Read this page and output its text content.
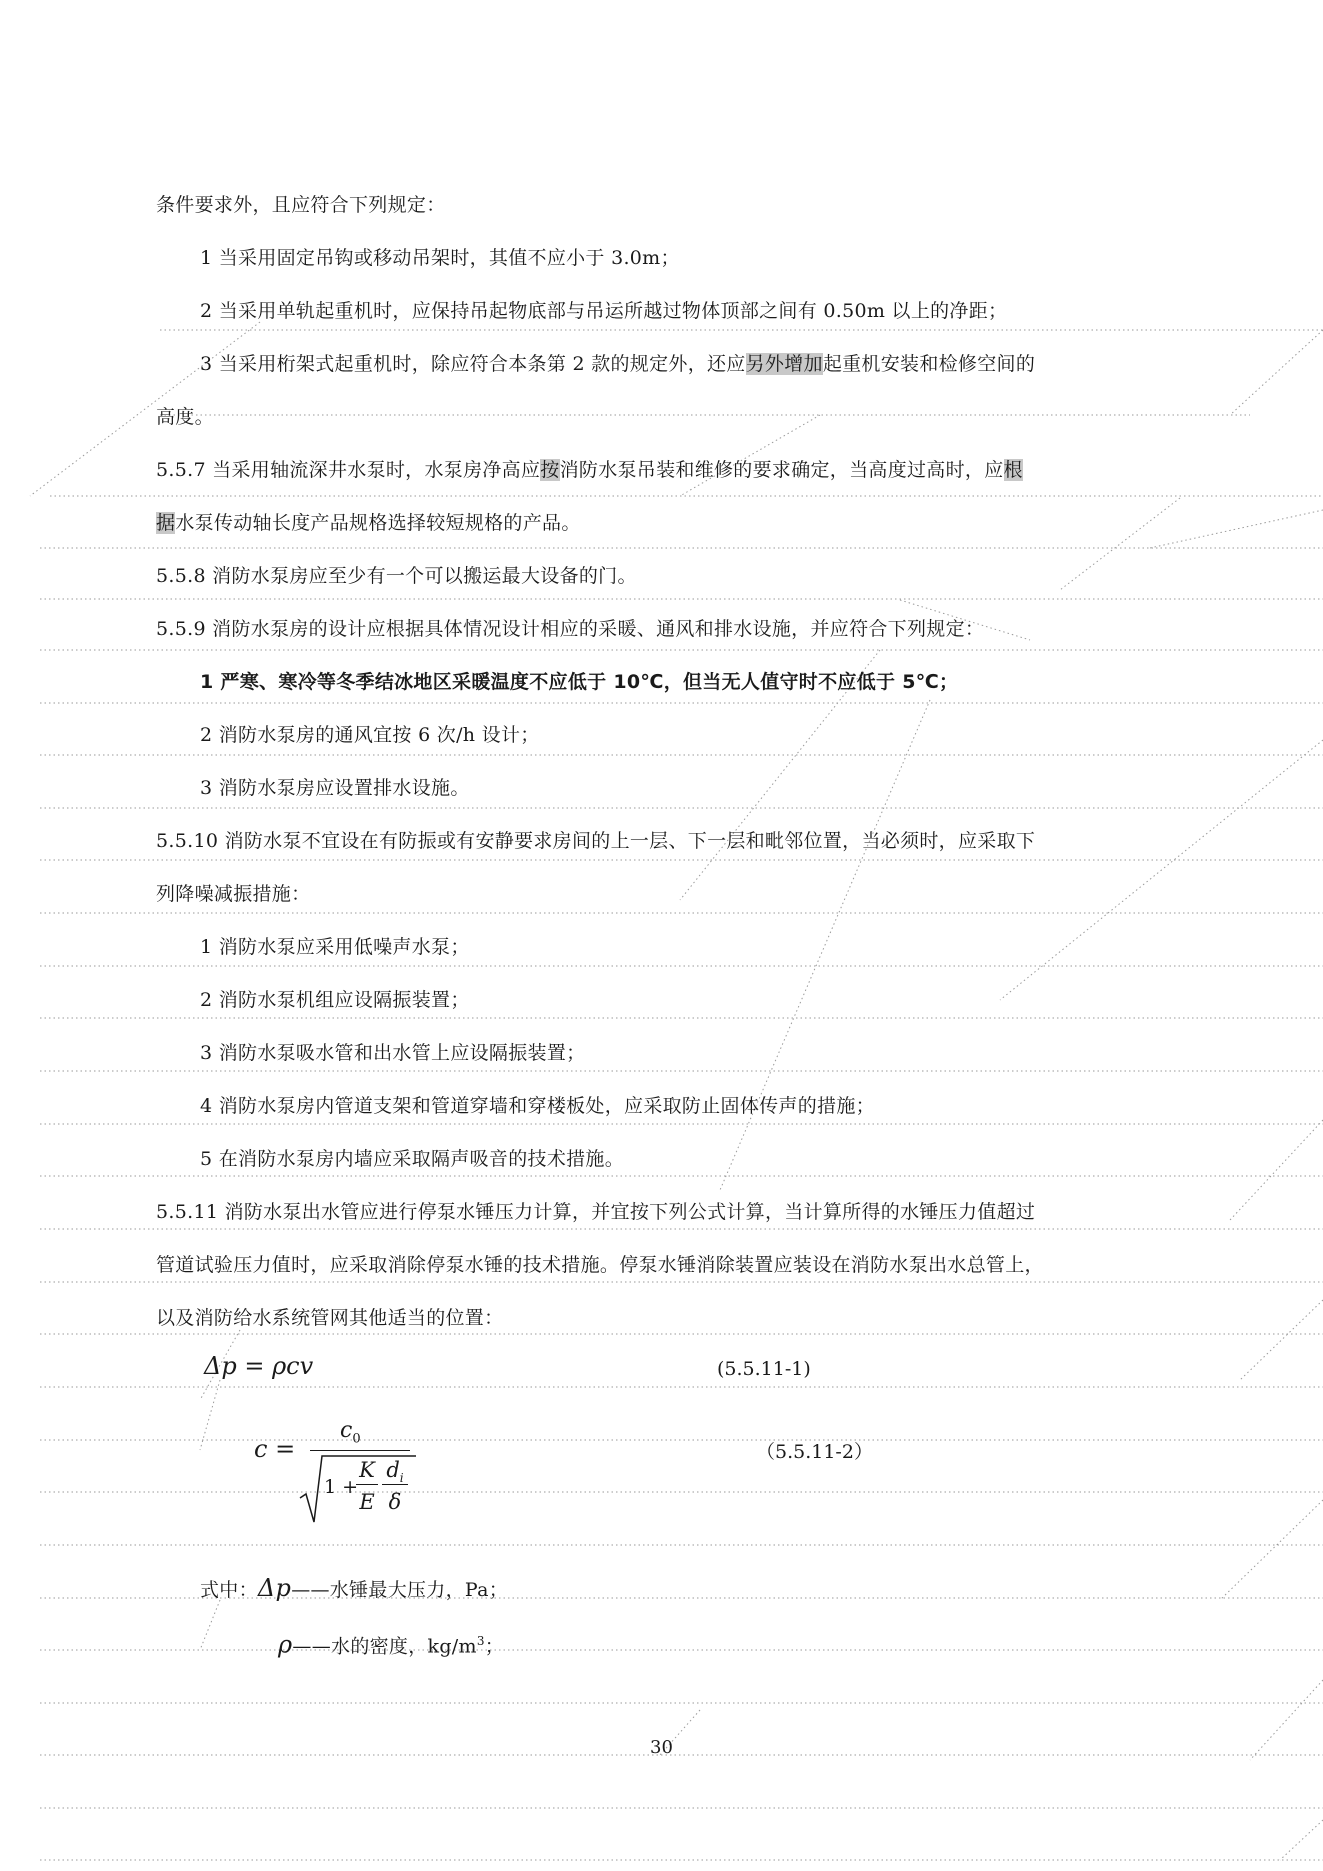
条件要求外，且应符合下列规定：
1 当采用固定吊钩或移动吊架时，其值不应小于 3.0m；
2 当采用单轨起重机时，应保持吊起物底部与吊运所越过物体顶部之间有 0.50m 以上的净距；
3 当采用桁架式起重机时，除应符合本条第 2 款的规定外，还应另外增加起重机安装和检修空间的
高度。
5.5.7 当采用轴流深井水泵时，水泵房净高应按消防水泵吊装和维修的要求确定，当高度过高时，应根
据水泵传动轴长度产品规格选择较短规格的产品。
5.5.8 消防水泵房应至少有一个可以搬运最大设备的门。
5.5.9 消防水泵房的设计应根据具体情况设计相应的采暖、通风和排水设施，并应符合下列规定：
1 严寒、寒冷等冬季结冰地区采暖温度不应低于 10℃，但当无人值守时不应低于 5℃；
2 消防水泵房的通风宜按 6 次/h 设计；
3 消防水泵房应设置排水设施。
5.5.10 消防水泵不宜设在有防振或有安静要求房间的上一层、下一层和毗邻位置，当必须时，应采取下
列降噪减振措施：
1 消防水泵应采用低噪声水泵；
2 消防水泵机组应设隔振装置；
3 消防水泵吸水管和出水管上应设隔振装置；
4 消防水泵房内管道支架和管道穿墙和穿楼板处，应采取防止固体传声的措施；
5 在消防水泵房内墙应采取隔声吸音的技术措施。
5.5.11 消防水泵出水管应进行停泵水锤压力计算，并宜按下列公式计算，当计算所得的水锤压力值超过
管道试验压力值时，应采取消除停泵水锤的技术措施。停泵水锤消除装置应装设在消防水泵出水总管上，
以及消防给水系统管网其他适当的位置：
Δp = ρcv	(5.5.11-1)
c =
$c_0$
1 +
K
E
$d_i$
δ
（5.5.11-2）
式中：Δp——水锤最大压力，Pa；
ρ——水的密度，$kg/m^3$；
30
